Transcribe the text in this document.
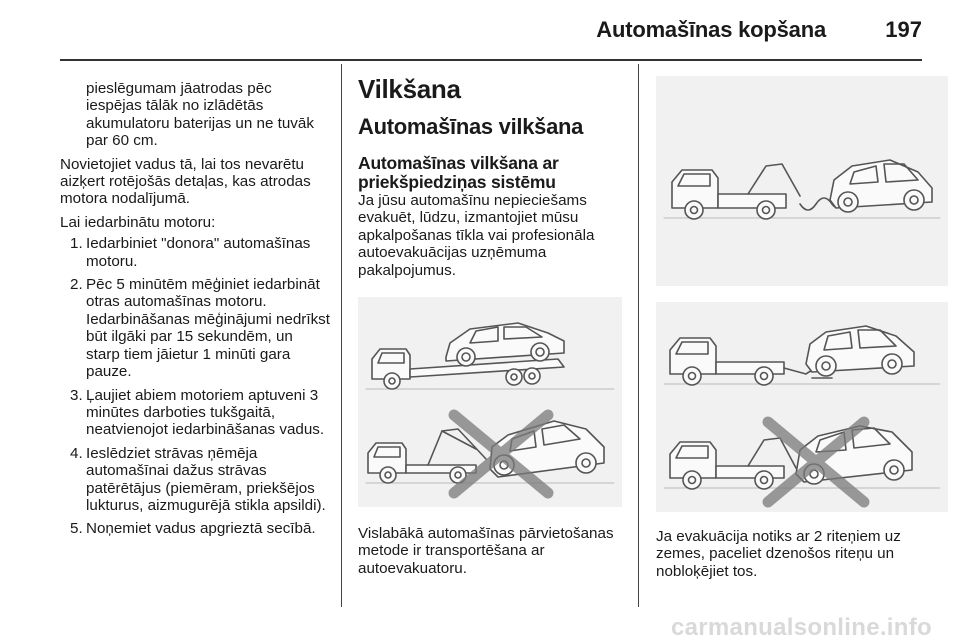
Automašīnas kopšana	197

pieslēgumam jāatrodas pēc iespējas tālāk no izlādētās akumulatoru baterijas un ne tuvāk par 60 cm.

Novietojiet vadus tā, lai tos nevarētu aizķert rotējošās detaļas, kas atrodas motora nodalījumā.

Lai iedarbinātu motoru:

1. Iedarbiniet "donora" automašīnas motoru.
2. Pēc 5 minūtēm mēģiniet iedarbināt otras automašīnas motoru. Iedarbināšanas mēģinājumi nedrīkst būt ilgāki par 15 sekundēm, un starp tiem jāietur 1 minūti gara pauze.
3. Ļaujiet abiem motoriem aptuveni 3 minūtes darboties tukšgaitā, neatvienojot iedarbināšanas vadus.
4. Ieslēdziet strāvas ņēmēja automašīnai dažus strāvas patērētājus (piemēram, priekšējos lukturus, aizmugurējā stikla apsildi).
5. Noņemiet vadus apgrieztā secībā.
Vilkšana
Automašīnas vilkšana
Automašīnas vilkšana ar priekšpiedziņas sistēmu

Ja jūsu automašīnu nepieciešams evakuēt, lūdzu, izmantojiet mūsu apkalpošanas tīkla vai profesionāla autoevakuācijas uzņēmuma pakalpojumus.

Vislabākā automašīnas pārvietošanas metode ir transportēšana ar autoevakuatoru.

Ja evakuācija notiks ar 2 riteņiem uz zemes, paceliet dzenošos riteņu un nobloķējiet tos.

carmanualsonline.info
